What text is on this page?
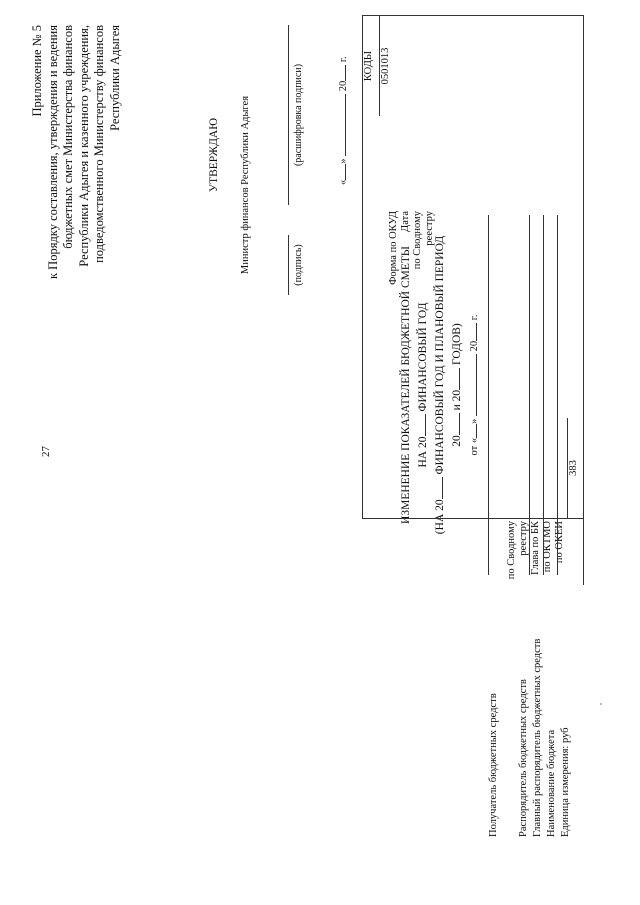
27
Приложение № 5 к Порядку составления, утверждения и ведения бюджетных смет Министерства финансов Республики Адыгея и казенного учреждения, подведомственного Министерству финансов Республики Адыгея
УТВЕРЖДАЮ Министр финансов Республики Адыгея	(подпись)
(расшифровка подписи)
«»  20 г.
ИЗМЕНЕНИЕ ПОКАЗАТЕЛЕЙ БЮДЖЕТНОЙ СМЕТЫ НА 20 ФИНАНСОВЫЙ ГОД
(НА 20 ФИНАНСОВЫЙ ГОД И ПЛАНОВЫЙ ПЕРИОД 20 и 20 ГОДОВ)
от «»  20 г.
Форма по ОКУД Дата по Сводному реестру
по Сводному реестру Глава по БК по ОКТМО по ОКЕИ
КОДЫ 0501013
383
Получатель бюджетных средств Распорядитель бюджетных средств Главный распорядитель бюджетных средств Наименование бюджета Единица измерения: руб
